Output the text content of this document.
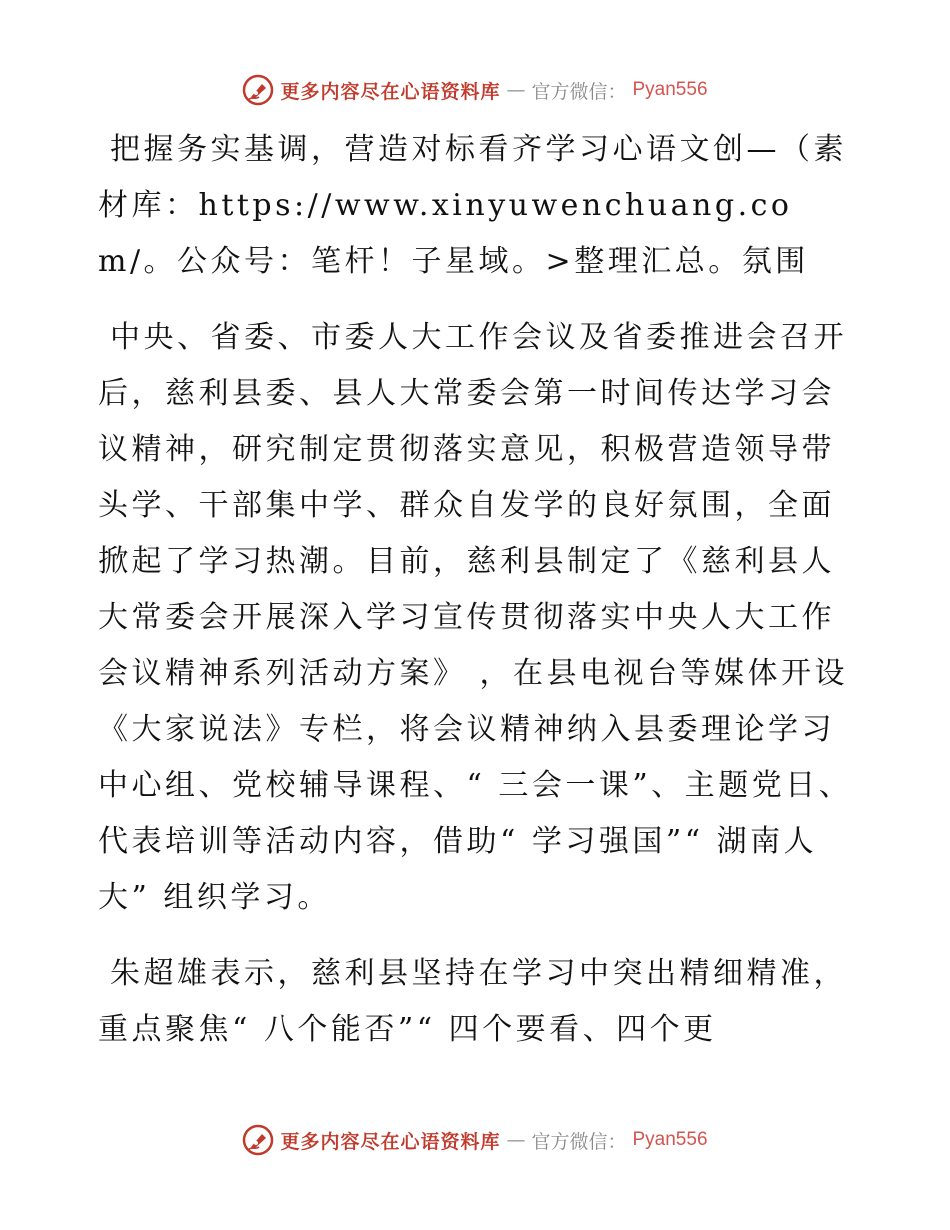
更多内容尽在心语资料库 — 官方微信： Pyan556

把握务实基调，营造对标看齐学习心语文创—（素材库：https://www.xinyuwenchuang.com/。公众号：笔杆！子星域。>整理汇总。氛围

中央、省委、市委人大工作会议及省委推进会召开后，慈利县委、县人大常委会第一时间传达学习会议精神，研究制定贯彻落实意见，积极营造领导带头学、干部集中学、群众自发学的良好氛围，全面掀起了学习热潮。目前，慈利县制定了《慈利县人大常委会开展深入学习宣传贯彻落实中央人大工作会议精神系列活动方案》 ，在县电视台等媒体开设《大家说法》专栏，将会议精神纳入县委理论学习中心组、党校辅导课程、“ 三会一课”、主题党日、代表培训等活动内容，借助“ 学习强国”“ 湖南人大” 组织学习。

朱超雄表示，慈利县坚持在学习中突出精细精准，重点聚焦“ 八个能否”“ 四个要看、四个更

更多内容尽在心语资料库 — 官方微信： Pyan556
